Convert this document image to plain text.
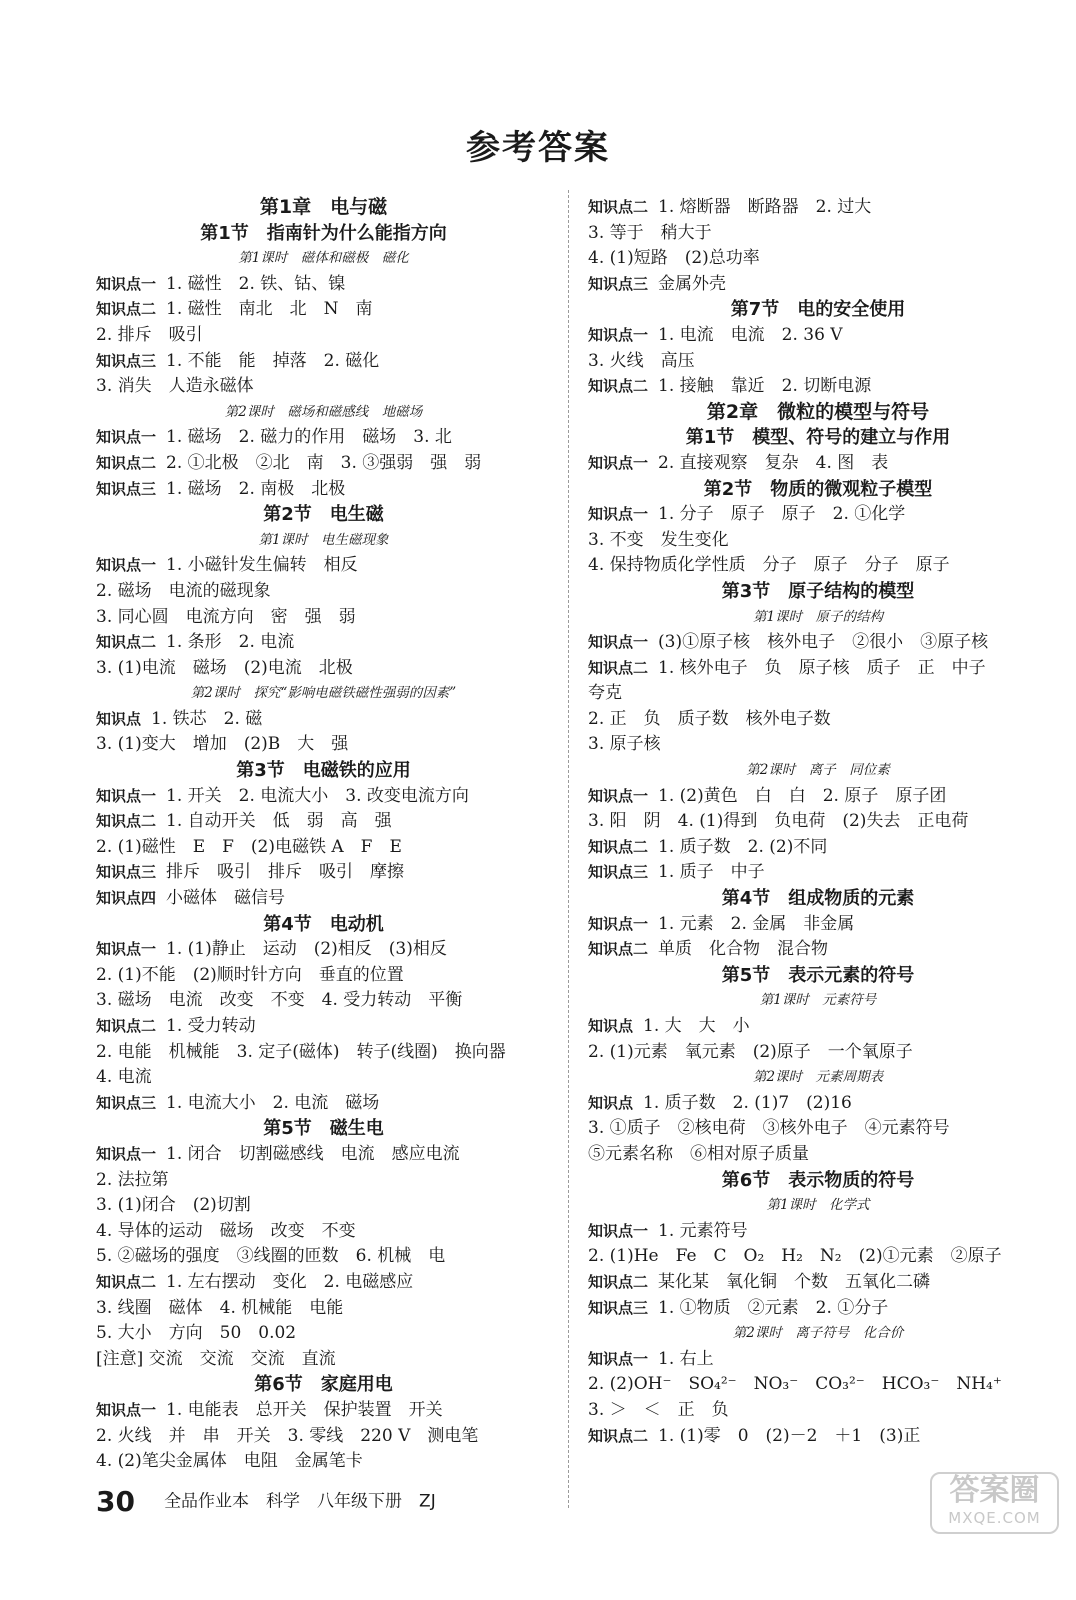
参考答案
第1章　电与磁
第1节　指南针为什么能指方向
第1课时　磁体和磁极　磁化
知识点一 1. 磁性　2. 铁、钴、镍
知识点二 1. 磁性　南北　北　N　南
2. 排斥　吸引
知识点三 1. 不能　能　掉落　2. 磁化
3. 消失　人造永磁体
第2课时　磁场和磁感线　地磁场
知识点一 1. 磁场　2. 磁力的作用　磁场　3. 北
知识点二 2. ①北极　②北　南　3. ③强弱　强　弱
知识点三 1. 磁场　2. 南极　北极
第2节　电生磁
第1课时　电生磁现象
知识点一 1. 小磁针发生偏转　相反
2. 磁场　电流的磁现象
3. 同心圆　电流方向　密　强　弱
知识点二 1. 条形　2. 电流
3. (1)电流　磁场　(2)电流　北极
第2课时　探究“影响电磁铁磁性强弱的因素”
知识点 1. 铁芯　2. 磁
3. (1)变大　增加　(2)B　大　强
第3节　电磁铁的应用
知识点一 1. 开关　2. 电流大小　3. 改变电流方向
知识点二 1. 自动开关　低　弱　高　强
2. (1)磁性　E　F　(2)电磁铁 A　F　E
知识点三 排斥　吸引　排斥　吸引　摩擦
知识点四 小磁体　磁信号
第4节　电动机
知识点一 1. (1)静止　运动　(2)相反　(3)相反
2. (1)不能　(2)顺时针方向　垂直的位置
3. 磁场　电流　改变　不变　4. 受力转动　平衡
知识点二 1. 受力转动
2. 电能　机械能　3. 定子(磁体)　转子(线圈)　换向器
4. 电流
知识点三 1. 电流大小　2. 电流　磁场
第5节　磁生电
知识点一 1. 闭合　切割磁感线　电流　感应电流
2. 法拉第
3. (1)闭合　(2)切割
4. 导体的运动　磁场　改变　不变
5. ②磁场的强度　③线圈的匝数　6. 机械　电
知识点二 1. 左右摆动　变化　2. 电磁感应
3. 线圈　磁体　4. 机械能　电能
5. 大小　方向　50　0.02
[注意] 交流　交流　交流　直流
第6节　家庭用电
知识点一 1. 电能表　总开关　保护装置　开关
2. 火线　并　串　开关　3. 零线　220 V　测电笔
4. (2)笔尖金属体　电阻　金属笔卡
知识点二 1. 熔断器　断路器　2. 过大
3. 等于　稍大于
4. (1)短路　(2)总功率
知识点三 金属外壳
第7节　电的安全使用
知识点一 1. 电流　电流　2. 36 V
3. 火线　高压
知识点二 1. 接触　靠近　2. 切断电源
第2章　微粒的模型与符号
第1节　模型、符号的建立与作用
知识点一 2. 直接观察　复杂　4. 图　表
第2节　物质的微观粒子模型
知识点一 1. 分子　原子　原子　2. ①化学
3. 不变　发生变化
4. 保持物质化学性质　分子　原子　分子　原子
第3节　原子结构的模型
第1课时　原子的结构
知识点一 (3)①原子核　核外电子　②很小　③原子核
知识点二 1. 核外电子　负　原子核　质子　正　中子
夸克
2. 正　负　质子数　核外电子数
3. 原子核
第2课时　离子　同位素
知识点一 1. (2)黄色　白　白　2. 原子　原子团
3. 阳　阴　4. (1)得到　负电荷　(2)失去　正电荷
知识点二 1. 质子数　2. (2)不同
知识点三 1. 质子　中子
第4节　组成物质的元素
知识点一 1. 元素　2. 金属　非金属
知识点二 单质　化合物　混合物
第5节　表示元素的符号
第1课时　元素符号
知识点 1. 大　大　小
2. (1)元素　氧元素　(2)原子　一个氧原子
第2课时　元素周期表
知识点 1. 质子数　2. (1)7　(2)16
3. ①质子　②核电荷　③核外电子　④元素符号
⑤元素名称　⑥相对原子质量
第6节　表示物质的符号
第1课时　化学式
知识点一 1. 元素符号
2. (1)He　Fe　C　O₂　H₂　N₂　(2)①元素　②原子
知识点二 某化某　氧化铜　个数　五氧化二磷
知识点三 1. ①物质　②元素　2. ①分子
第2课时　离子符号　化合价
知识点一 1. 右上
2. (2)OH⁻　SO₄²⁻　NO₃⁻　CO₃²⁻　HCO₃⁻　NH₄⁺
3. ＞　＜　正　负
知识点二 1. (1)零　0　(2)－2　＋1　(3)正
30 全品作业本　科学　八年级下册　ZJ	答案圈
MXQE.COM
